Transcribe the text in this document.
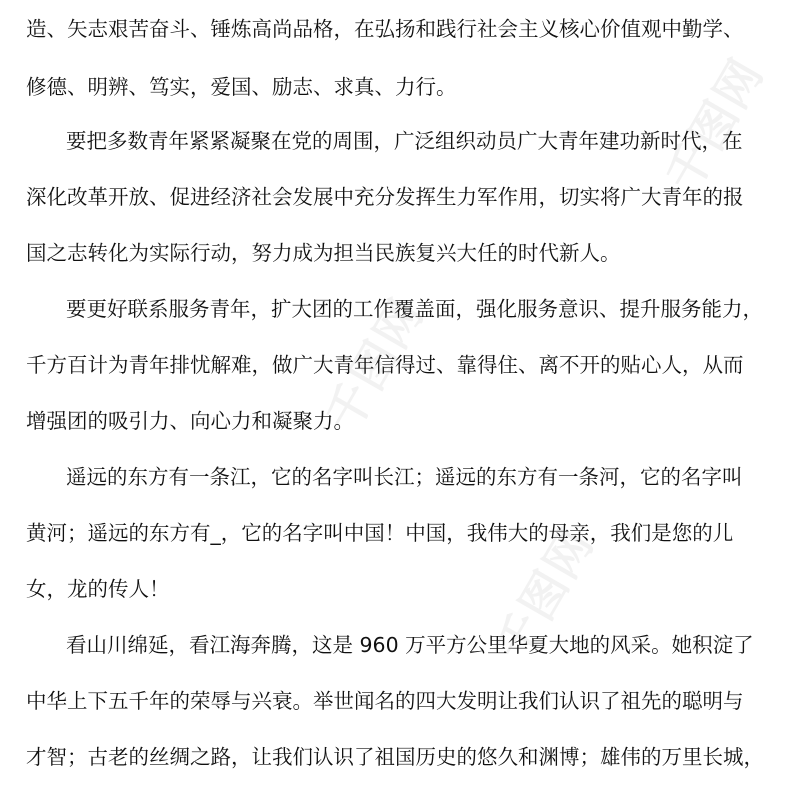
造、矢志艰苦奋斗、锤炼高尚品格，在弘扬和践行社会主义核心价值观中勤学、
修德、明辨、笃实，爱国、励志、求真、力行。
要把多数青年紧紧凝聚在党的周围，广泛组织动员广大青年建功新时代，在
深化改革开放、促进经济社会发展中充分发挥生力军作用，切实将广大青年的报
国之志转化为实际行动，努力成为担当民族复兴大任的时代新人。
要更好联系服务青年，扩大团的工作覆盖面，强化服务意识、提升服务能力，
千方百计为青年排忧解难，做广大青年信得过、靠得住、离不开的贴心人，从而
增强团的吸引力、向心力和凝聚力。
遥远的东方有一条江，它的名字叫长江；遥远的东方有一条河，它的名字叫
黄河；遥远的东方有_，它的名字叫中国！中国，我伟大的母亲，我们是您的儿
女，龙的传人！
看山川绵延，看江海奔腾，这是 960 万平方公里华夏大地的风采。她积淀了
中华上下五千年的荣辱与兴衰。举世闻名的四大发明让我们认识了祖先的聪明与
才智；古老的丝绸之路，让我们认识了祖国历史的悠久和渊博；雄伟的万里长城，
千图网
千图网
千图网
